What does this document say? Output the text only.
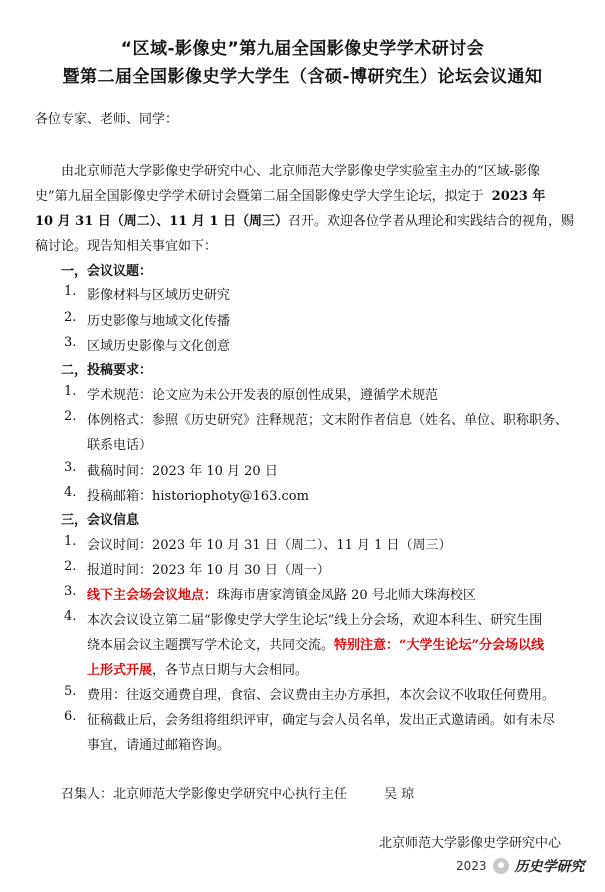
“区域-影像史”第九届全国影像史学学术研讨会
暨第二届全国影像史学大学生（含硕-博研究生）论坛会议通知
各位专家、老师、同学：
由北京师范大学影像史学研究中心、北京师范大学影像史学实验室主办的“区域-影像
史”第九届全国影像史学学术研讨会暨第二届全国影像史学大学生论坛，拟定于 2023 年
10 月 31 日（周二）、11 月 1 日（周三）召开。欢迎各位学者从理论和实践结合的视角，赐
稿讨论。现告知相关事宜如下：
一，会议议题：
1. 影像材料与区域历史研究
2. 历史影像与地域文化传播
3. 区域历史影像与文化创意
二，投稿要求：
1. 学术规范：论文应为未公开发表的原创性成果，遵循学术规范
2. 体例格式：参照《历史研究》注释规范；文末附作者信息（姓名、单位、职称职务、
联系电话）
3. 截稿时间：2023 年 10 月 20 日
4. 投稿邮箱：historiophoty@163.com
三，会议信息
1. 会议时间：2023 年 10 月 31 日（周二）、11 月 1 日（周三）
2. 报道时间：2023 年 10 月 30 日（周一）
3. 线下主会场会议地点：珠海市唐家湾镇金凤路 20 号北师大珠海校区
4. 本次会议设立第二届“影像史学大学生论坛”线上分会场，欢迎本科生、研究生围
绕本届会议主题撰写学术论文，共同交流。特别注意：“大学生论坛”分会场以线
上形式开展，各节点日期与大会相同。
5. 费用：往返交通费自理，食宿、会议费由主办方承担，本次会议不收取任何费用。
6. 征稿截止后，会务组将组织评审，确定与会人员名单，发出正式邀请函。如有未尽
事宜，请通过邮箱咨询。
召集人：北京师范大学影像史学研究中心执行主任	吴 琼
北京师范大学影像史学研究中心
2023 历史学研究
